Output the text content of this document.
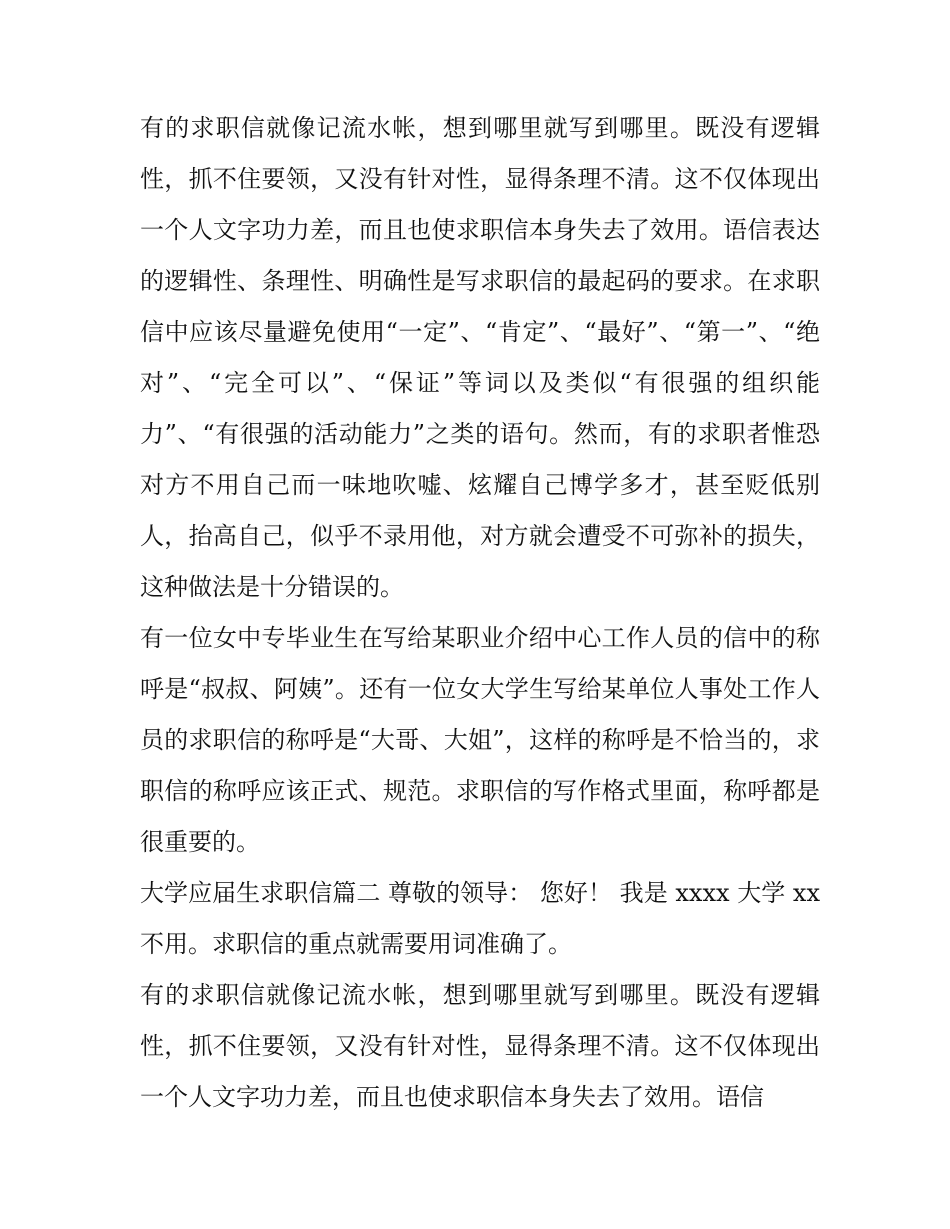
有的求职信就像记流水帐，想到哪里就写到哪里。既没有逻辑性，抓不住要领，又没有针对性，显得条理不清。这不仅体现出一个人文字功力差，而且也使求职信本身失去了效用。语信表达的逻辑性、条理性、明确性是写求职信的最起码的要求。在求职信中应该尽量避免使用“一定”、“肯定”、“最好”、“第一”、“绝对”、“完全可以”、“保证”等词以及类似“有很强的组织能力”、“有很强的活动能力”之类的语句。然而，有的求职者惟恐对方不用自己而一味地吹嘘、炫耀自己博学多才，甚至贬低别人，抬高自己，似乎不录用他，对方就会遭受不可弥补的损失，这种做法是十分错误的。

有一位女中专毕业生在写给某职业介绍中心工作人员的信中的称呼是“叔叔、阿姨”。还有一位女大学生写给某单位人事处工作人员的求职信的称呼是“大哥、大姐”，这样的称呼是不恰当的，求职信的称呼应该正式、规范。求职信的写作格式里面，称呼都是很重要的。

大学应届生求职信篇二 尊敬的领导： 您好！ 我是 xxxx 大学 xx 不用。求职信的重点就需要用词准确了。

有的求职信就像记流水帐，想到哪里就写到哪里。既没有逻辑性，抓不住要领，又没有针对性，显得条理不清。这不仅体现出一个人文字功力差，而且也使求职信本身失去了效用。语信
